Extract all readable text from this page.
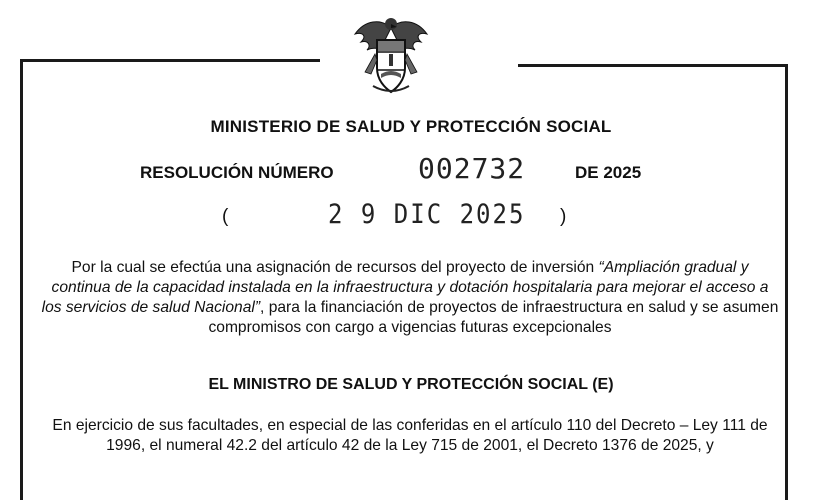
MINISTERIO DE SALUD Y PROTECCIÓN SOCIAL
RESOLUCIÓN NÚMERO	002732	DE 2025
(	2 9 DIC 2025 )
Por la cual se efectúa una asignación de recursos del proyecto de inversión “Ampliación gradual y continua de la capacidad instalada en la infraestructura y dotación hospitalaria para mejorar el acceso a los servicios de salud Nacional”, para la financiación de proyectos de infraestructura en salud y se asumen compromisos con cargo a vigencias futuras excepcionales
EL MINISTRO DE SALUD Y PROTECCIÓN SOCIAL (E)
En ejercicio de sus facultades, en especial de las conferidas en el artículo 110 del Decreto – Ley 111 de 1996, el numeral 42.2 del artículo 42 de la Ley 715 de 2001, el Decreto 1376 de 2025, y
